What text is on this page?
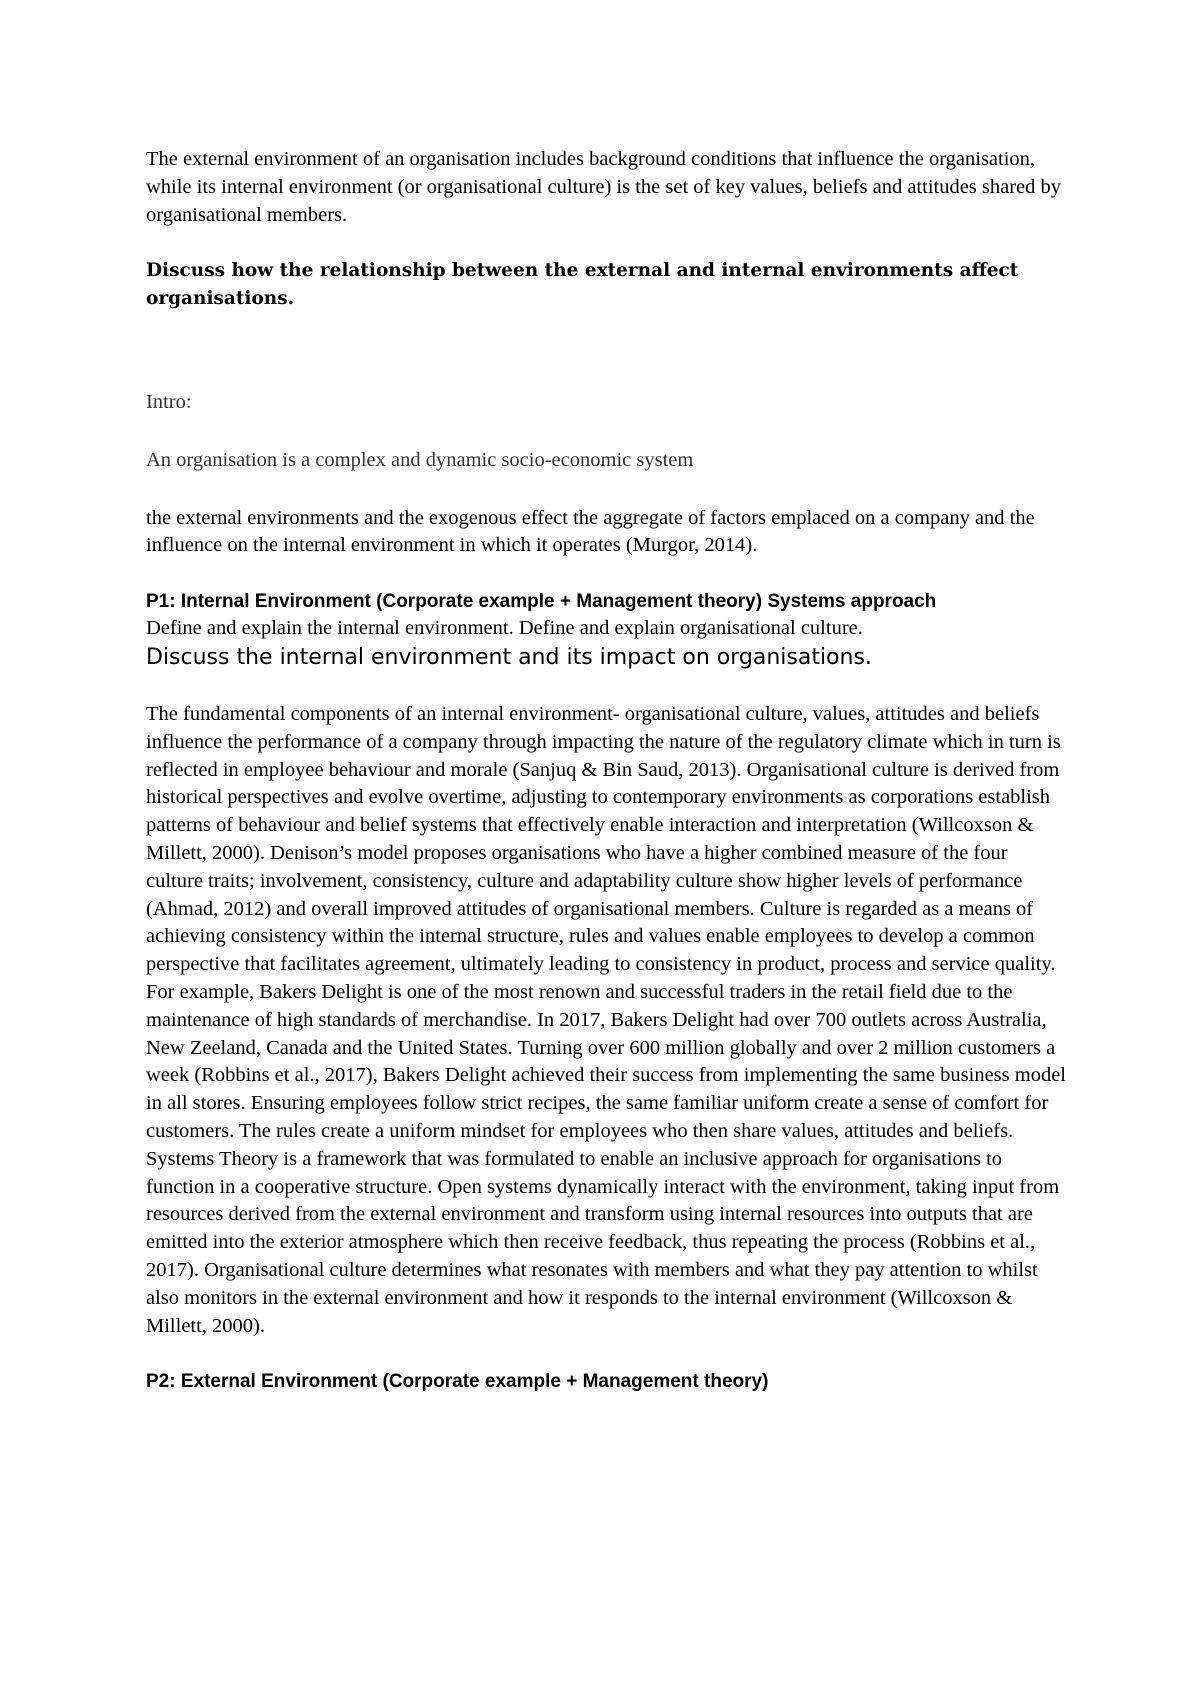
The external environment of an organisation includes background conditions that influence the organisation, while its internal environment (or organisational culture) is the set of key values, beliefs and attitudes shared by organisational members.

Discuss how the relationship between the external and internal environments affect organisations.

Intro:

An organisation is a complex and dynamic socio-economic system

the external environments and the exogenous effect the aggregate of factors emplaced on a company and the influence on the internal environment in which it operates (Murgor, 2014).

P1: Internal Environment (Corporate example + Management theory) Systems approach

Define and explain the internal environment. Define and explain organisational culture.

Discuss the internal environment and its impact on organisations.

The fundamental components of an internal environment- organisational culture, values, attitudes and beliefs influence the performance of a company through impacting the nature of the regulatory climate which in turn is reflected in employee behaviour and morale (Sanjuq & Bin Saud, 2013). Organisational culture is derived from historical perspectives and evolve overtime, adjusting to contemporary environments as corporations establish patterns of behaviour and belief systems that effectively enable interaction and interpretation (Willcoxson & Millett, 2000). Denison’s model proposes organisations who have a higher combined measure of the four culture traits; involvement, consistency, culture and adaptability culture show higher levels of performance (Ahmad, 2012) and overall improved attitudes of organisational members. Culture is regarded as a means of achieving consistency within the internal structure, rules and values enable employees to develop a common perspective that facilitates agreement, ultimately leading to consistency in product, process and service quality. For example, Bakers Delight is one of the most renown and successful traders in the retail field due to the maintenance of high standards of merchandise. In 2017, Bakers Delight had over 700 outlets across Australia, New Zeeland, Canada and the United States. Turning over 600 million globally and over 2 million customers a week (Robbins et al., 2017), Bakers Delight achieved their success from implementing the same business model in all stores. Ensuring employees follow strict recipes, the same familiar uniform create a sense of comfort for customers. The rules create a uniform mindset for employees who then share values, attitudes and beliefs. Systems Theory is a framework that was formulated to enable an inclusive approach for organisations to function in a cooperative structure. Open systems dynamically interact with the environment, taking input from resources derived from the external environment and transform using internal resources into outputs that are emitted into the exterior atmosphere which then receive feedback, thus repeating the process (Robbins et al., 2017). Organisational culture determines what resonates with members and what they pay attention to whilst also monitors in the external environment and how it responds to the internal environment (Willcoxson & Millett, 2000).

P2: External Environment (Corporate example + Management theory)
